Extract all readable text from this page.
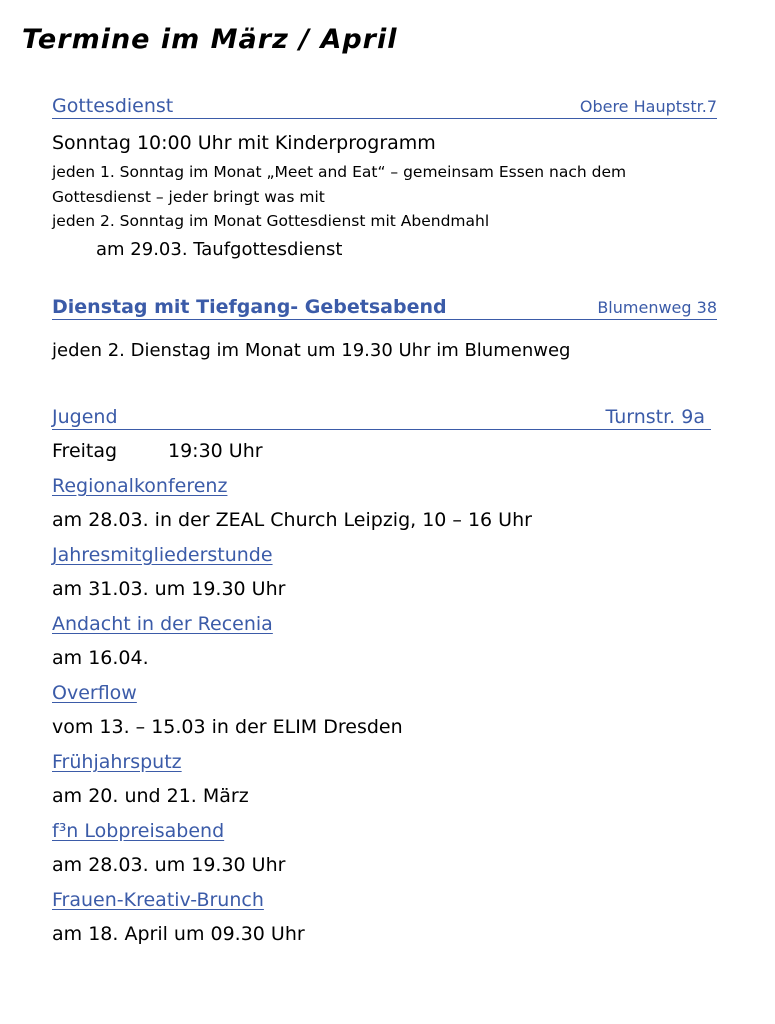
Termine im März / April
Gottesdienst	Obere Hauptstr.7
Sonntag 10:00 Uhr mit Kinderprogramm
jeden 1. Sonntag im Monat „Meet and Eat“ – gemeinsam Essen nach dem
Gottesdienst – jeder bringt was mit
jeden 2. Sonntag im Monat Gottesdienst mit Abendmahl
am 29.03. Taufgottesdienst
Dienstag mit Tiefgang- Gebetsabend	Blumenweg 38
jeden 2. Dienstag im Monat um 19.30 Uhr im Blumenweg
Jugend	Turnstr. 9a
Freitag	19:30 Uhr
Regionalkonferenz
am 28.03. in der ZEAL Church Leipzig, 10 – 16 Uhr
Jahresmitgliederstunde
am 31.03. um 19.30 Uhr
Andacht in der Recenia
am 16.04.
Overflow
vom 13. – 15.03 in der ELIM Dresden
Frühjahrsputz
am 20. und 21. März
f³n Lobpreisabend
am 28.03. um 19.30 Uhr
Frauen-Kreativ-Brunch
am 18. April um 09.30 Uhr
